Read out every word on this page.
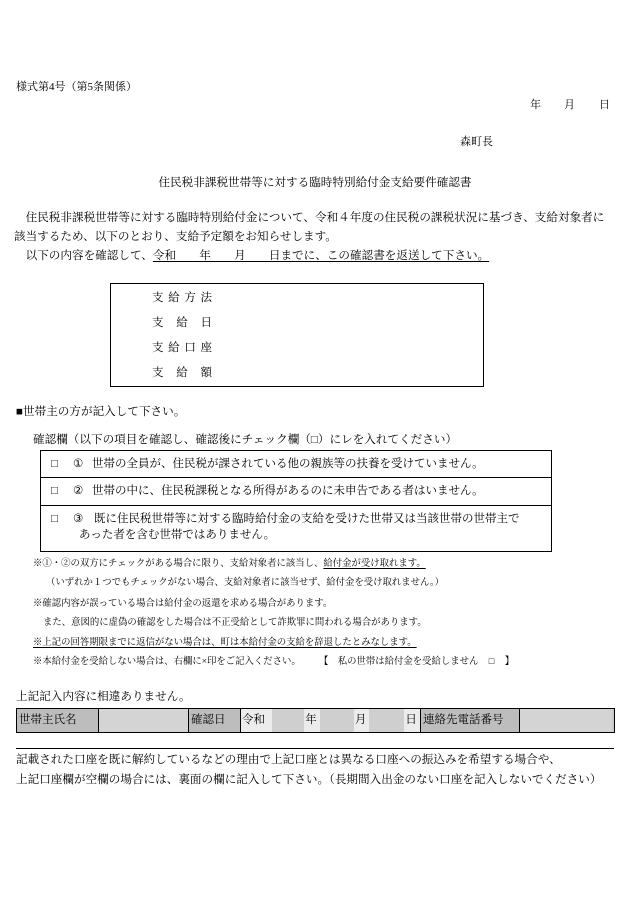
様式第4号（第5条関係）
年 月 日
森町長
住民税非課税世帯等に対する臨時特別給付金支給要件確認書
　住民税非課税世帯等に対する臨時特別給付金について、令和４年度の住民税の課税状況に基づき、支給対象者に
該当するため、以下のとおり、支給予定額をお知らせします。
　以下の内容を確認して、令和　　年　　月　　日までに、この確認書を返送して下さい。
支給方法
支給日
支給口座
支給額
■世帯主の方が記入して下さい。
確認欄（以下の項目を確認し、確認後にチェック欄（□）にレを入れてください）
□ ① 世帯の全員が、住民税が課されている他の親族等の扶養を受けていません。
□ ② 世帯の中に、住民税課税となる所得があるのに未申告である者はいません。
□ ③ 既に住民税世帯等に対する臨時給付金の支給を受けた世帯又は当該世帯の世帯主で
あった者を含む世帯ではありません。
※①・②の双方にチェックがある場合に限り、支給対象者に該当し、給付金が受け取れます。
（いずれか１つでもチェックがない場合、支給対象者に該当せず、給付金を受け取れません。）
※確認内容が誤っている場合は給付金の返還を求める場合があります。
また、意図的に虚偽の確認をした場合は不正受給として詐欺罪に問われる場合があります。
※上記の回答期限までに返信がない場合は、町は本給付金の支給を辞退したとみなします。
※本給付金を受給しない場合は、右欄に×印をご記入ください。 【　私の世帯は給付金を受給しません □ 】
上記記入内容に相違ありません。
世帯主氏名	確認日	令和	年	月	日 連絡先電話番号
記載された口座を既に解約しているなどの理由で上記口座とは異なる口座への振込みを希望する場合や、
上記口座欄が空欄の場合には、裏面の欄に記入して下さい。（長期間入出金のない口座を記入しないでください）
